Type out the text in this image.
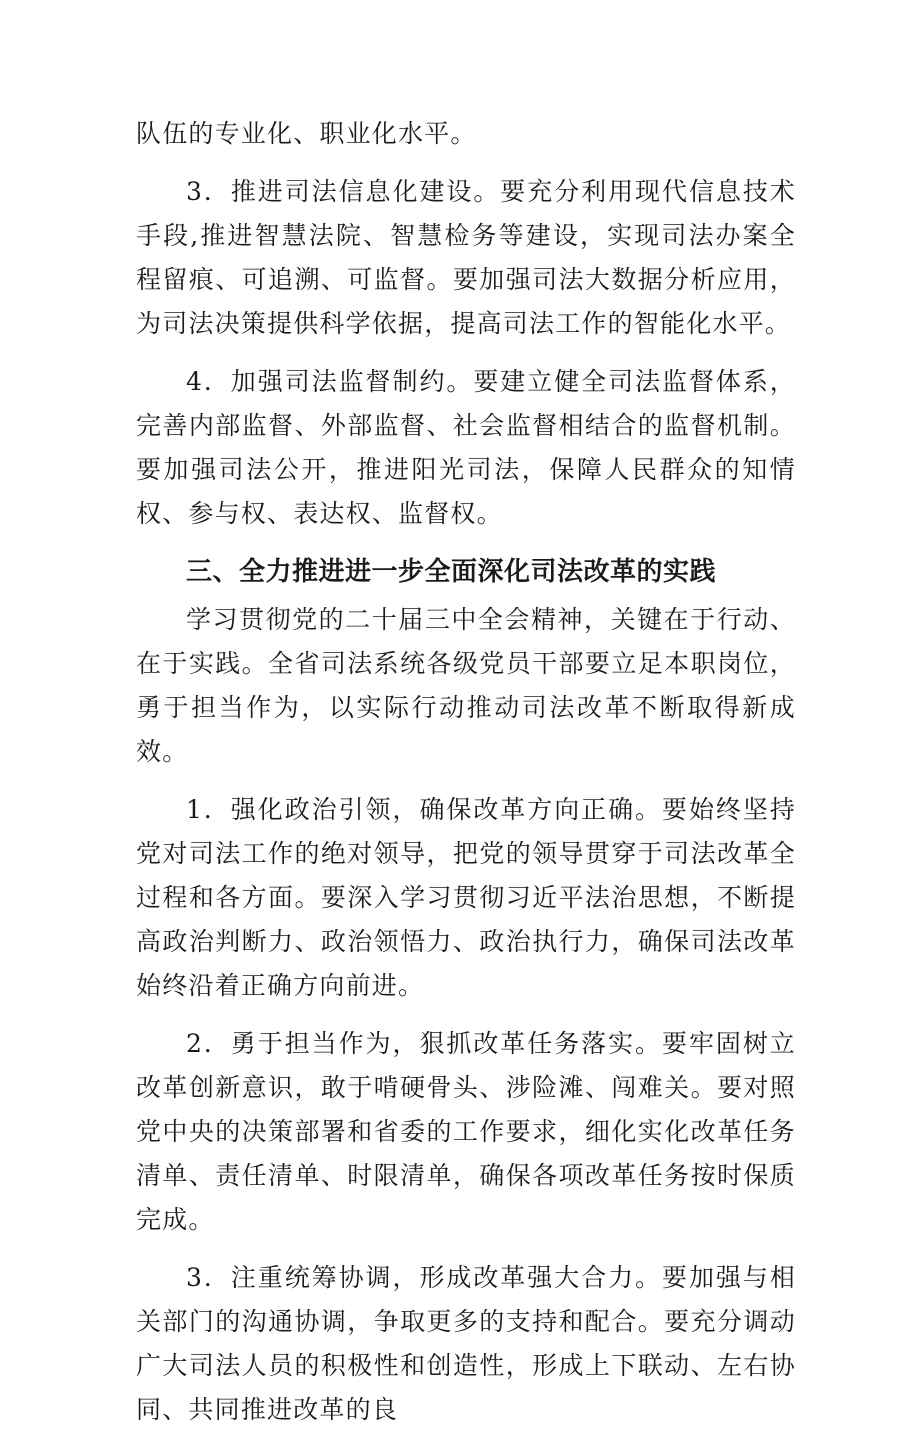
队伍的专业化、职业化水平。

3．推进司法信息化建设。要充分利用现代信息技术手段,推进智慧法院、智慧检务等建设，实现司法办案全程留痕、可追溯、可监督。要加强司法大数据分析应用，为司法决策提供科学依据，提高司法工作的智能化水平。

4．加强司法监督制约。要建立健全司法监督体系，完善内部监督、外部监督、社会监督相结合的监督机制。要加强司法公开，推进阳光司法，保障人民群众的知情权、参与权、表达权、监督权。

三、全力推进进一步全面深化司法改革的实践

学习贯彻党的二十届三中全会精神，关键在于行动、在于实践。全省司法系统各级党员干部要立足本职岗位，勇于担当作为，以实际行动推动司法改革不断取得新成效。

1．强化政治引领，确保改革方向正确。要始终坚持党对司法工作的绝对领导，把党的领导贯穿于司法改革全过程和各方面。要深入学习贯彻习近平法治思想，不断提高政治判断力、政治领悟力、政治执行力，确保司法改革始终沿着正确方向前进。

2．勇于担当作为，狠抓改革任务落实。要牢固树立改革创新意识，敢于啃硬骨头、涉险滩、闯难关。要对照党中央的决策部署和省委的工作要求，细化实化改革任务清单、责任清单、时限清单，确保各项改革任务按时保质完成。

3．注重统筹协调，形成改革强大合力。要加强与相关部门的沟通协调，争取更多的支持和配合。要充分调动广大司法人员的积极性和创造性，形成上下联动、左右协同、共同推进改革的良
